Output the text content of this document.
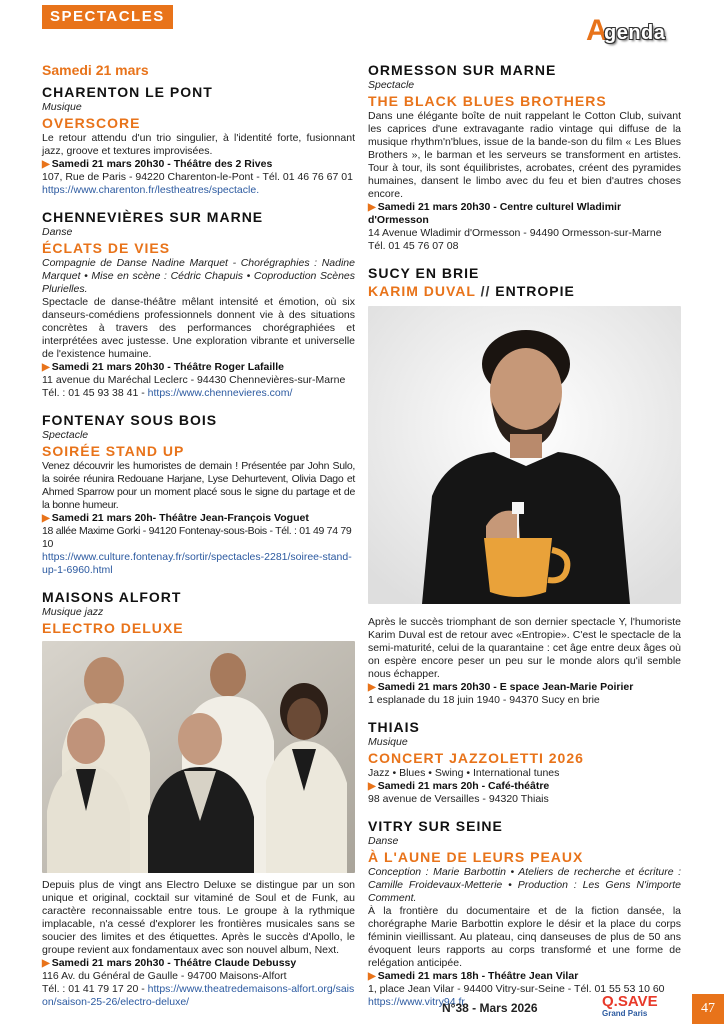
SPECTACLES	A
genda
Samedi 21 mars
CHARENTON LE PONT
Musique
OVERSCORE
Le retour attendu d'un trio singulier, à l'identité forte, fusionnant jazz, groove et textures improvisées.
▶ Samedi 21 mars 20h30 - Théâtre des 2 Rives
107, Rue de Paris - 94220 Charenton-le-Pont - Tél. 01 46 76 67 01
https://www.charenton.fr/lestheatres/spectacle.
CHENNEVIÈRES SUR MARNE
Danse
ÉCLATS DE VIES
Compagnie de Danse Nadine Marquet - Chorégraphies : Nadine Marquet • Mise en scène : Cédric Chapuis • Coproduction Scènes Plurielles.
Spectacle de danse-théâtre mêlant intensité et émotion, où six danseurs-comédiens professionnels donnent vie à des situations concrètes à travers des performances chorégraphiées et interprétées avec justesse. Une exploration vibrante et universelle de l'existence humaine.
▶ Samedi 21 mars 20h30 - Théâtre Roger Lafaille
11 avenue du Maréchal Leclerc - 94430 Chennevières-sur-Marne
Tél. : 01 45 93 38 41 - https://www.chennevieres.com/
FONTENAY SOUS BOIS
Spectacle
SOIRÉE STAND UP
Venez découvrir les humoristes de demain ! Présentée par John Sulo, la soirée réunira Redouane Harjane, Lyse Dehurtevent, Olivia Dago et Ahmed Sparrow pour un moment placé sous le signe du partage et de la bonne humeur.
▶ Samedi 21 mars 20h- Théâtre Jean-François Voguet
18 allée Maxime Gorki - 94120 Fontenay-sous-Bois - Tél. : 01 49 74 79 10
https://www.culture.fontenay.fr/sortir/spectacles-2281/soiree-stand-up-1-6960.html
MAISONS ALFORT
Musique jazz
ELECTRO DELUXE
Depuis plus de vingt ans Electro Deluxe se distingue par un son unique et original, cocktail sur vitaminé de Soul et de Funk, au caractère reconnaissable entre tous. Le groupe à la rythmique implacable, n'a cessé d'explorer les frontières musicales sans se soucier des limites et des étiquettes. Après le succès d'Apollo, le groupe revient aux fondamentaux avec son nouvel album, Next.
▶ Samedi 21 mars 20h30 - Théâtre Claude Debussy
116 Av. du Général de Gaulle - 94700 Maisons-Alfort
Tél. : 01 41 79 17 20 - https://www.theatredemaisons-alfort.org/saison/saison-25-26/electro-deluxe/
ORMESSON SUR MARNE
Spectacle
THE BLACK BLUES BROTHERS
Dans une élégante boîte de nuit rappelant le Cotton Club, suivant les caprices d'une extravagante radio vintage qui diffuse de la musique rhythm'n'blues, issue de la bande-son du film « Les Blues Brothers », le barman et les serveurs se transforment en artistes. Tour à tour, ils sont équilibristes, acrobates, créent des pyramides humaines, dansent le limbo avec du feu et bien d'autres choses encore.
▶ Samedi 21 mars 20h30 - Centre culturel Wladimir d'Ormesson
14 Avenue Wladimir d'Ormesson - 94490 Ormesson-sur-Marne
Tél. 01 45 76 07 08
SUCY EN BRIE
KARIM DUVAL // ENTROPIE
Après le succès triomphant de son dernier spectacle Y, l'humoriste Karim Duval est de retour avec «Entropie». C'est le spectacle de la semi-maturité, celui de la quarantaine : cet âge entre deux âges où on espère encore peser un peu sur le monde alors qu'il semble nous échapper.
▶ Samedi 21 mars 20h30 - E space Jean-Marie Poirier
1 esplanade du 18 juin 1940 - 94370 Sucy en brie
THIAIS
Musique
CONCERT JAZZOLETTI 2026
Jazz • Blues • Swing • International tunes
▶ Samedi 21 mars 20h - Café-théâtre
98 avenue de Versailles - 94320 Thiais
VITRY SUR SEINE
Danse
À L'AUNE DE LEURS PEAUX
Conception : Marie Barbottin • Ateliers de recherche et écriture : Camille Froidevaux-Metterie • Production : Les Gens N'importe Comment.
À la frontière du documentaire et de la fiction dansée, la chorégraphe Marie Barbottin explore le désir et la place du corps féminin vieillissant. Au plateau, cinq danseuses de plus de 50 ans évoquent leurs rapports au corps transformé et une forme de relégation anticipée.
▶ Samedi 21 mars 18h - Théâtre Jean Vilar
1, place Jean Vilar - 94400 Vitry-sur-Seine - Tél. 01 55 53 10 60
https://www.vitry94.fr
N°38 - Mars 2026	Q.SAVE
Grand Paris	47
